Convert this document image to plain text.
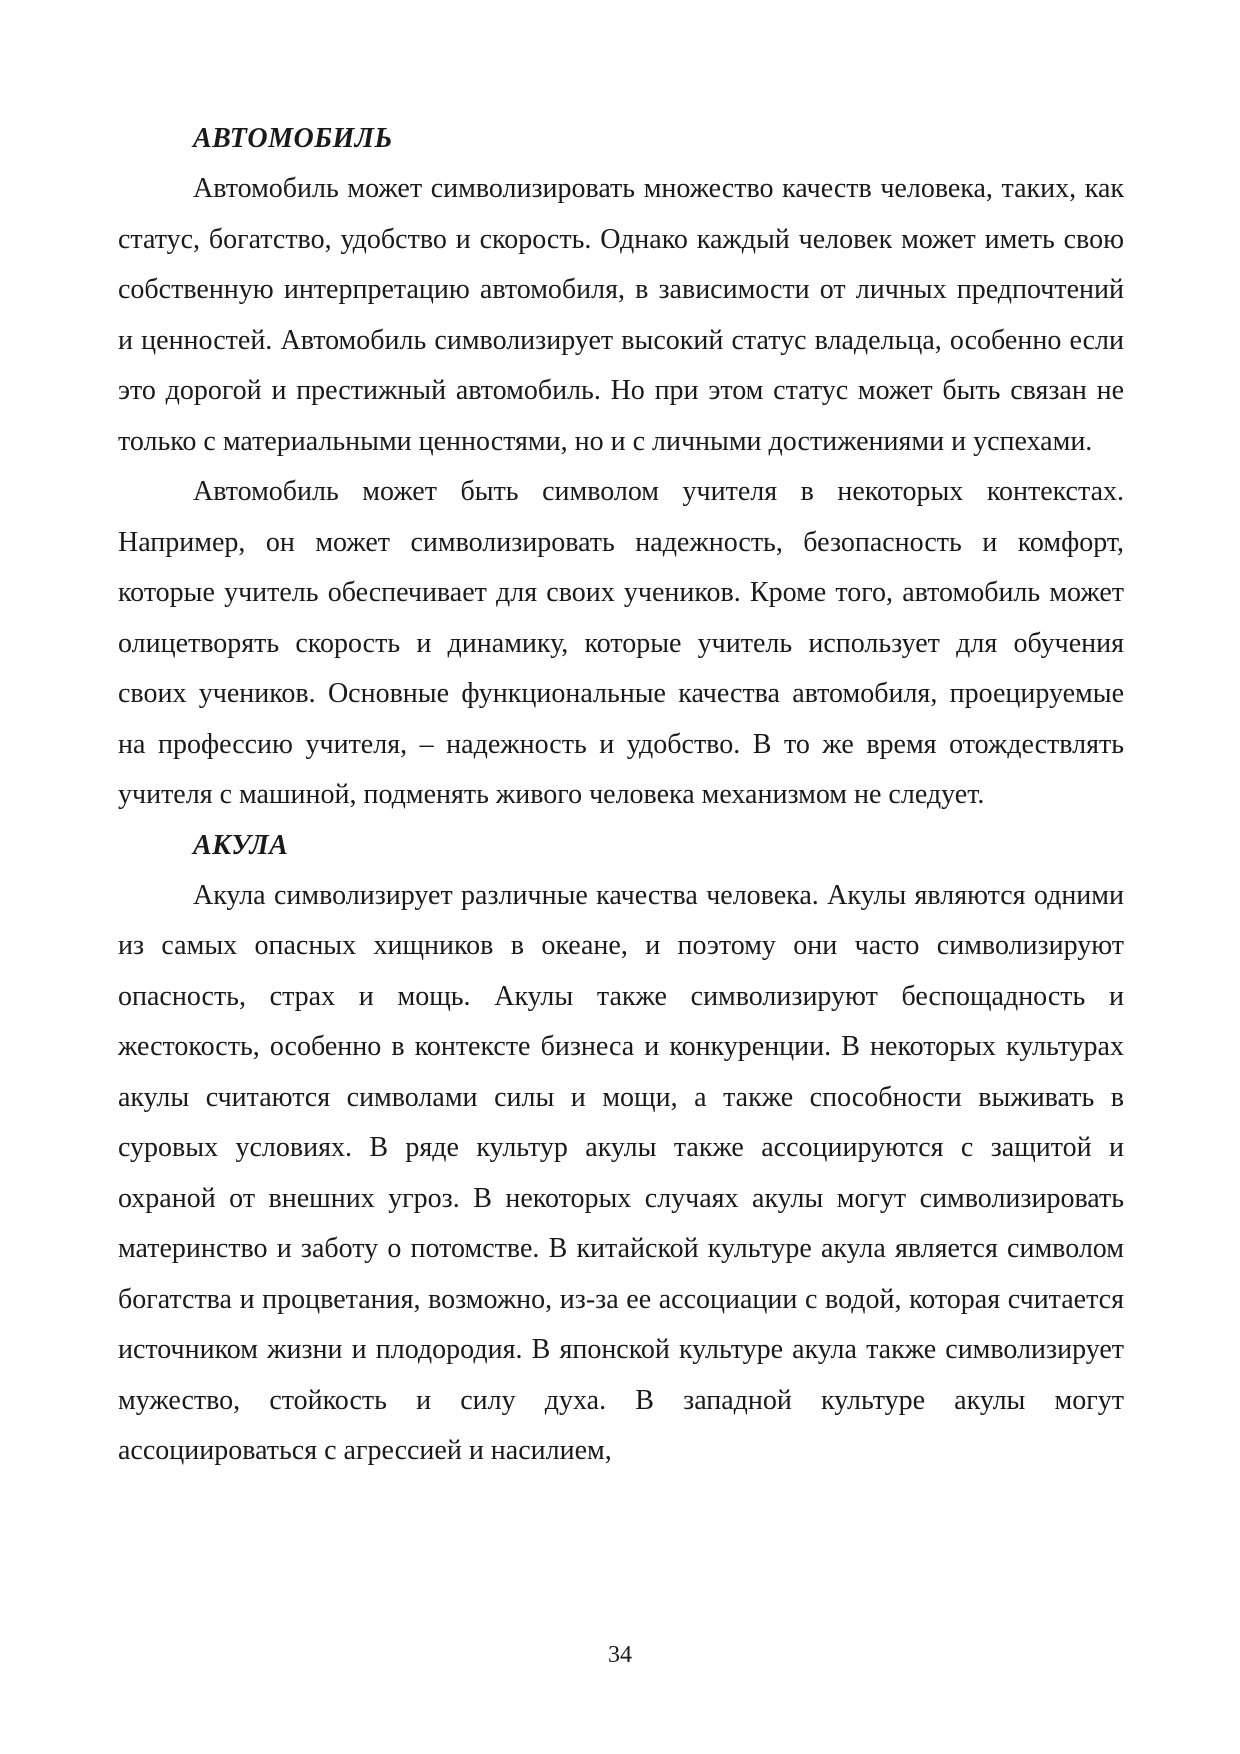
АВТОМОБИЛЬ

Автомобиль может символизировать множество качеств человека, таких, как статус, богатство, удобство и скорость. Однако каждый человек может иметь свою собственную интерпретацию автомобиля, в зависимости от личных предпочтений и ценностей. Автомобиль символизирует высокий статус владельца, особенно если это дорогой и престижный автомобиль. Но при этом статус может быть связан не только с материальными ценностями, но и с личными достижениями и успехами.

Автомобиль может быть символом учителя в некоторых контекстах. Например, он может символизировать надежность, безопасность и комфорт, которые учитель обеспечивает для своих учеников. Кроме того, автомобиль может олицетворять скорость и динамику, которые учитель использует для обучения своих учеников. Основные функциональные качества автомобиля, проецируемые на профессию учителя, – надежность и удобство. В то же время отождествлять учителя с машиной, подменять живого человека механизмом не следует.

АКУЛА

Акула символизирует различные качества человека. Акулы являются одними из самых опасных хищников в океане, и поэтому они часто символизируют опасность, страх и мощь. Акулы также символизируют беспощадность и жестокость, особенно в контексте бизнеса и конкуренции. В некоторых культурах акулы считаются символами силы и мощи, а также способности выживать в суровых условиях. В ряде культур акулы также ассоциируются с защитой и охраной от внешних угроз. В некоторых случаях акулы могут символизировать материнство и заботу о потомстве. В китайской культуре акула является символом богатства и процветания, возможно, из-за ее ассоциации с водой, которая считается источником жизни и плодородия. В японской культуре акула также символизирует мужество, стойкость и силу духа. В западной культуре акулы могут ассоциироваться с агрессией и насилием,

34
